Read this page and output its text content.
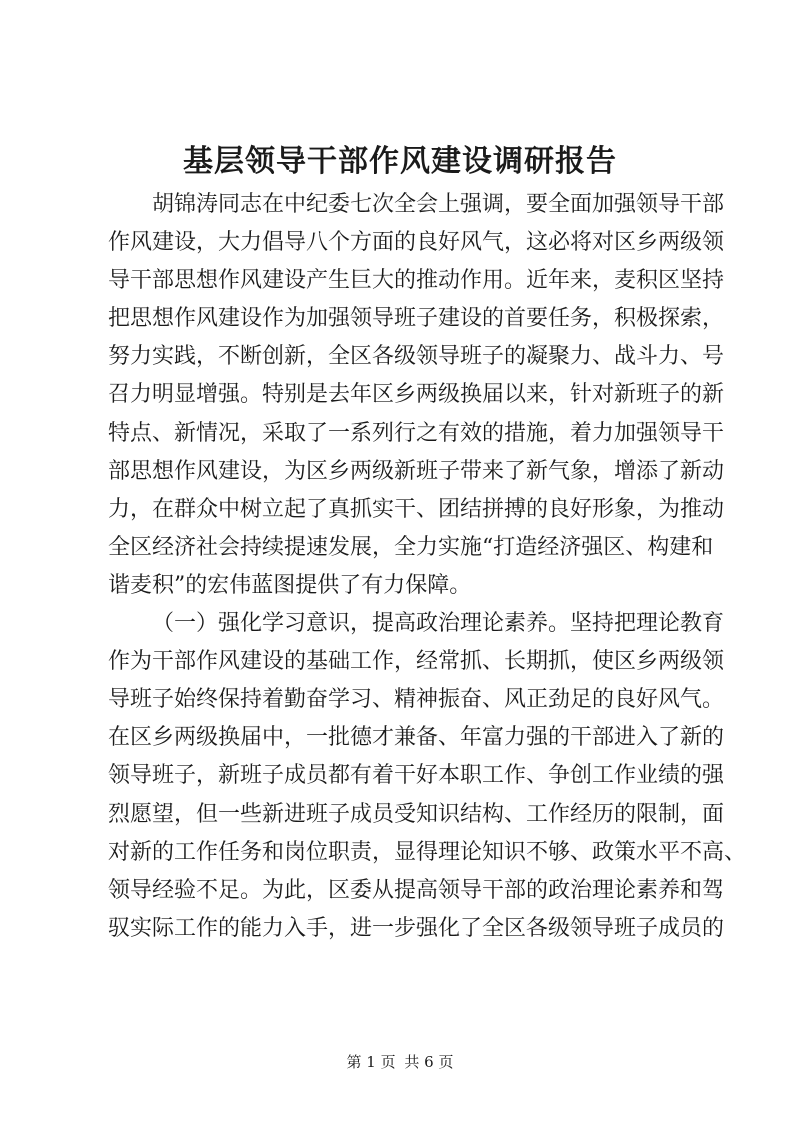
基层领导干部作风建设调研报告

胡锦涛同志在中纪委七次全会上强调，要全面加强领导干部
作风建设，大力倡导八个方面的良好风气，这必将对区乡两级领
导干部思想作风建设产生巨大的推动作用。近年来，麦积区坚持
把思想作风建设作为加强领导班子建设的首要任务，积极探索，
努力实践，不断创新，全区各级领导班子的凝聚力、战斗力、号
召力明显增强。特别是去年区乡两级换届以来，针对新班子的新
特点、新情况，采取了一系列行之有效的措施，着力加强领导干
部思想作风建设，为区乡两级新班子带来了新气象，增添了新动
力，在群众中树立起了真抓实干、团结拼搏的良好形象，为推动
全区经济社会持续提速发展，全力实施“打造经济强区、构建和
谐麦积”的宏伟蓝图提供了有力保障。

（一）强化学习意识，提高政治理论素养。坚持把理论教育
作为干部作风建设的基础工作，经常抓、长期抓，使区乡两级领
导班子始终保持着勤奋学习、精神振奋、风正劲足的良好风气。
在区乡两级换届中，一批德才兼备、年富力强的干部进入了新的
领导班子，新班子成员都有着干好本职工作、争创工作业绩的强
烈愿望，但一些新进班子成员受知识结构、工作经历的限制，面
对新的工作任务和岗位职责，显得理论知识不够、政策水平不高、
领导经验不足。为此，区委从提高领导干部的政治理论素养和驾
驭实际工作的能力入手，进一步强化了全区各级领导班子成员的

第 1 页 共 6 页
